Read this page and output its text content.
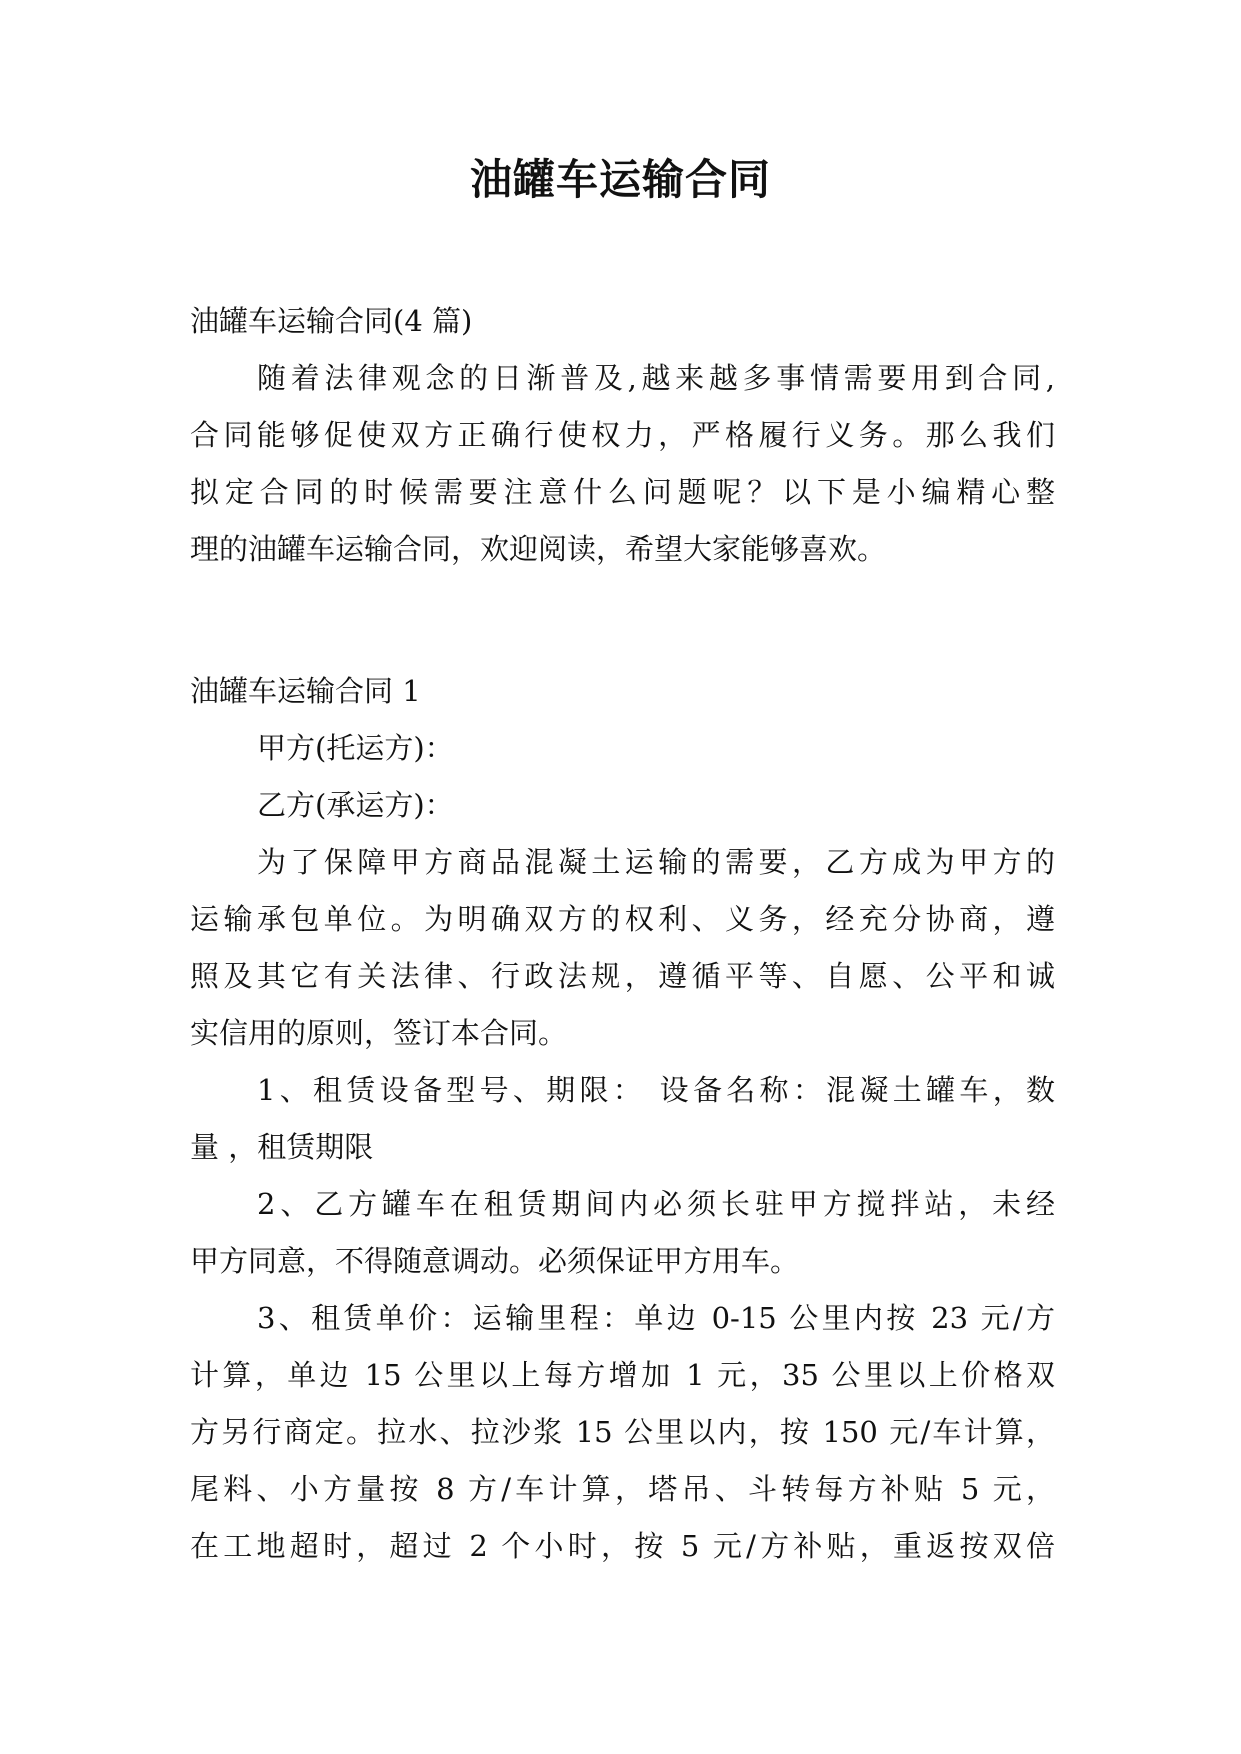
油罐车运输合同
油罐车运输合同(4 篇)
随着法律观念的日渐普及,越来越多事情需要用到合同,
合同能够促使双方正确行使权力，严格履行义务。那么我们
拟定合同的时候需要注意什么问题呢？以下是小编精心整
理的油罐车运输合同，欢迎阅读，希望大家能够喜欢。
油罐车运输合同 1
甲方(托运方)：
乙方(承运方)：
为了保障甲方商品混凝土运输的需要，乙方成为甲方的
运输承包单位。为明确双方的权利、义务，经充分协商，遵
照及其它有关法律、行政法规，遵循平等、自愿、公平和诚
实信用的原则，签订本合同。
1、租赁设备型号、期限： 设备名称：混凝土罐车，数
量 ，租赁期限
2、乙方罐车在租赁期间内必须长驻甲方搅拌站，未经
甲方同意，不得随意调动。必须保证甲方用车。
3、租赁单价：运输里程：单边 0-15 公里内按 23 元/方
计算，单边 15 公里以上每方增加 1 元，35 公里以上价格双
方另行商定。拉水、拉沙浆 15 公里以内，按 150 元/车计算，
尾料、小方量按 8 方/车计算，塔吊、斗转每方补贴 5 元，
在工地超时，超过 2 个小时，按 5 元/方补贴，重返按双倍
